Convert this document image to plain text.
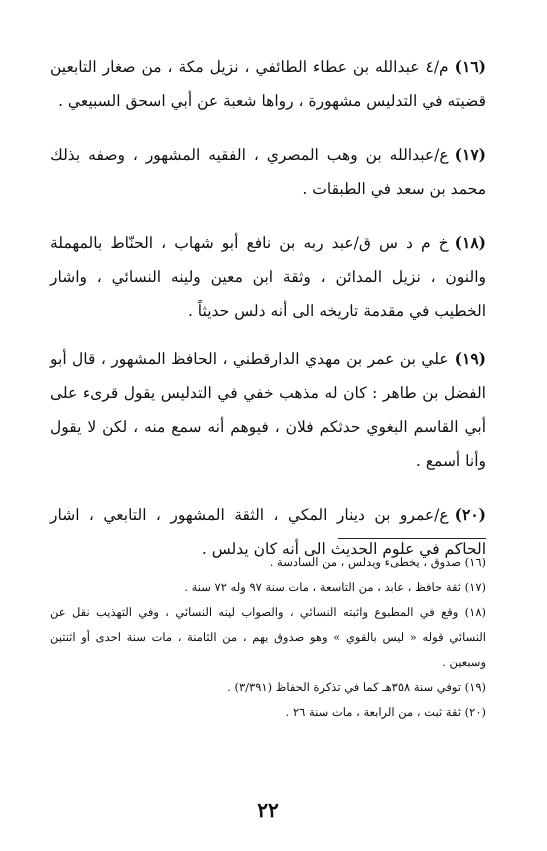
(١٦)م/٤ عبدالله بن عطاء الطائفي ، نزيل مكة ، من صغار التابعين قضيته في التدليس مشهورة ، رواها شعبة عن أبي اسحق السبيعي .

(١٧)ع/عبدالله بن وهب المصري ، الفقيه المشهور ، وصفه بذلك محمد بن سعد في الطبقات .

(١٨)خ م د س ق/عبد ربه بن نافع أبو شهاب ، الحنّاط بالمهملة والنون ، نزيل المدائن ، وثقة ابن معين ولينه النسائي ، واشار الخطيب في مقدمة تاريخه الى أنه دلس حديثاً .

(١٩)علي بن عمر بن مهدي الدارقطني ، الحافظ المشهور ، قال أبو الفضل بن طاهر : كان له مذهب خفي في التدليس يقول قرىء على أبي القاسم البغوي حدثكم فلان ، فيوهم أنه سمع منه ، لكن لا يقول وأنا أسمع .

(٢٠)ع/عمرو بن دينار المكي ، الثقة المشهور ، التابعي ، اشار الحاكم في علوم الحديث الى أنه كان يدلس .

(١٦) صدوق ، يخطىء ويدلس ، من السادسة .

(١٧) ثقة حافظ ، عابد ، من التاسعة ، مات سنة ٩٧ وله ٧٢ سنة .

(١٨) وقع في المطبوع واثبته النسائي ، والصواب لينه النسائي ، وفي التهذيب نقل عن النسائي قوله « ليس بالقوي » وهو صدوق يهم ، من الثامنة ، مات سنة احدى أو اثنتين وسبعين .

(١٩) توفي سنة ٣٥٨هـ كما في تذكرة الحفاظ (٣/٣٩١) .

(٢٠) ثقة ثبت ، من الرابعة ، مات سنة ٢٦ .

٢٢
